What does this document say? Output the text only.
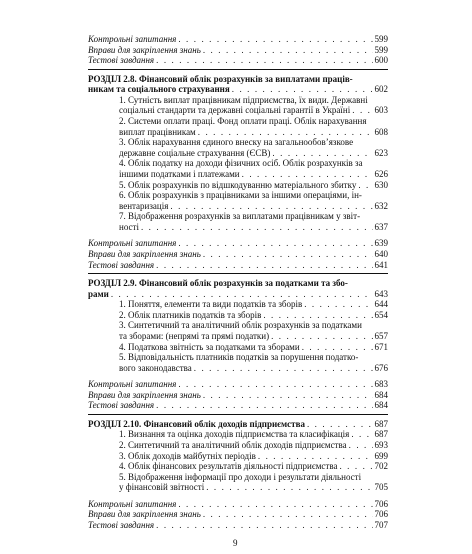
Контрольні запитання . . .	599
Вправи для закріплення знань . . .	599
Тестові завдання . . .	600
РОЗДІЛ 2.8. Фінансовий облік розрахунків за виплатами праців-
никам та соціального страхування . . .	602
1. Сутність виплат працівникам підприємства, їх види. Державні
соціальні стандарти та державні соціальні гарантії в Україні . . .	603
2. Системи оплати праці. Фонд оплати праці. Облік нарахування
виплат працівникам . . .	608
3. Облік нарахування єдиного внеску на загальнообов’язкове
державне соціальне страхування (ЄСВ) . . .	623
4. Облік податку на доходи фізичних осіб. Облік розрахунків за
іншими податками і платежами . . .	626
5. Облік розрахунків по відшкодуванню матеріального збитку . . . 630
6. Облік розрахунків з працівниками за іншими операціями, ін-
вентаризація . . .	632
7. Відображення розрахунків за виплатами працівникам у звіт-
ності . . .	637
Контрольні запитання . . .	639
Вправи для закріплення знань . . .	640
Тестові завдання . . .	641
РОЗДІЛ 2.9. Фінансовий облік розрахунків за податками та збо-
рами . . .	643
1. Поняття, елементи та види податків та зборів . . .	644
2. Облік платників податків та зборів . . .	654
3. Синтетичний та аналітичний облік розрахунків за податками
та зборами: (непрямі та прямі податки) . . .	657
4. Податкова звітність за податками та зборами . . .	671
5. Відповідальність платників податків за порушення податко-
вого законодавства . . .	676
Контрольні запитання . . .	683
Вправи для закріплення знань . . .	684
Тестові завдання . . .	684
РОЗДІЛ 2.10. Фінансовий облік доходів підприємства . . .	687
1. Визнання та оцінка доходів підприємства та класифікація . . .	687
2. Синтетичний та аналітичний облік доходів підприємства . . .	693
3. Облік доходів майбутніх періодів . . .	699
4. Облік фінансових результатів діяльності підприємства . . .	702
5. Відображення інформації про доходи і результати діяльності
у фінансовій звітності . . .	705
Контрольні запитання . . .	706
Вправи для закріплення знань . . .	706
Тестові завдання . . .	707
9
